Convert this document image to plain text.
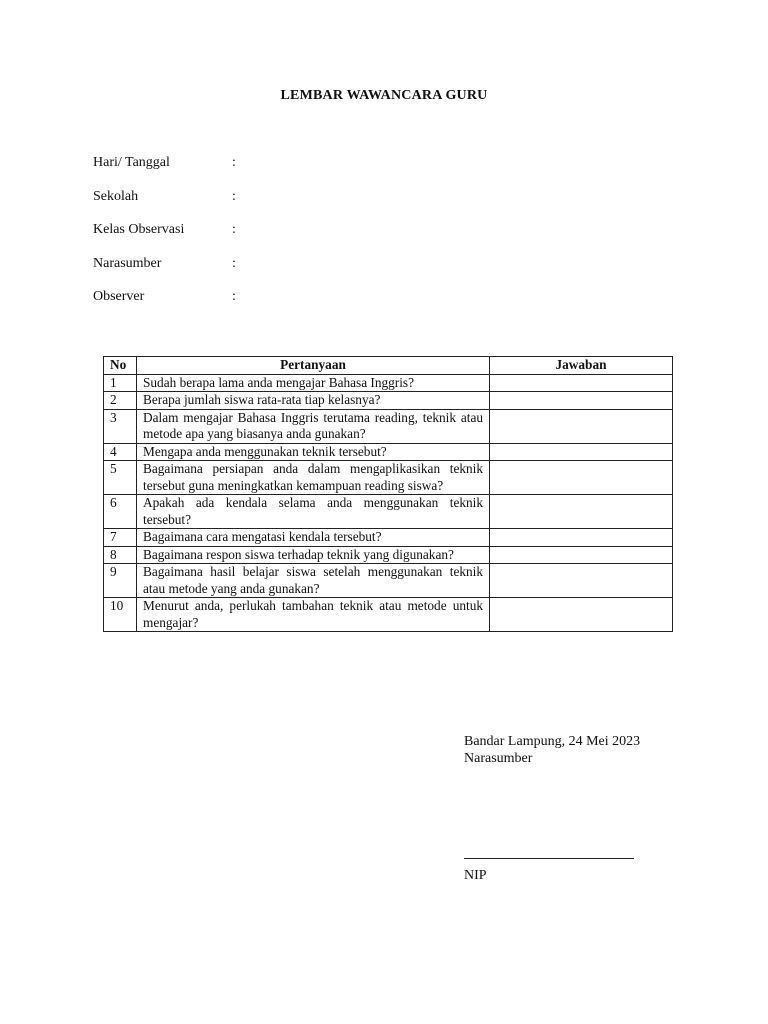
LEMBAR WAWANCARA GURU
Hari/ Tanggal	:
Sekolah	:
Kelas Observasi	:
Narasumber	:
Observer	:
No	Pertanyaan	Jawaban
1	Sudah berapa lama anda mengajar Bahasa Inggris?	
2	Berapa jumlah siswa rata-rata tiap kelasnya?	
3	Dalam mengajar Bahasa Inggris terutama reading, teknik atau metode apa yang biasanya anda gunakan?	
4	Mengapa anda menggunakan teknik tersebut?	
5	Bagaimana persiapan anda dalam mengaplikasikan teknik tersebut guna meningkatkan kemampuan reading siswa?	
6	Apakah ada kendala selama anda menggunakan teknik tersebut?	
7	Bagaimana cara mengatasi kendala tersebut?	
8	Bagaimana respon siswa terhadap teknik yang digunakan?	
9	Bagaimana hasil belajar siswa setelah menggunakan teknik atau metode yang anda gunakan?	
10	Menurut anda, perlukah tambahan teknik atau metode untuk mengajar?	
Bandar Lampung, 24 Mei 2023
Narasumber
NIP
